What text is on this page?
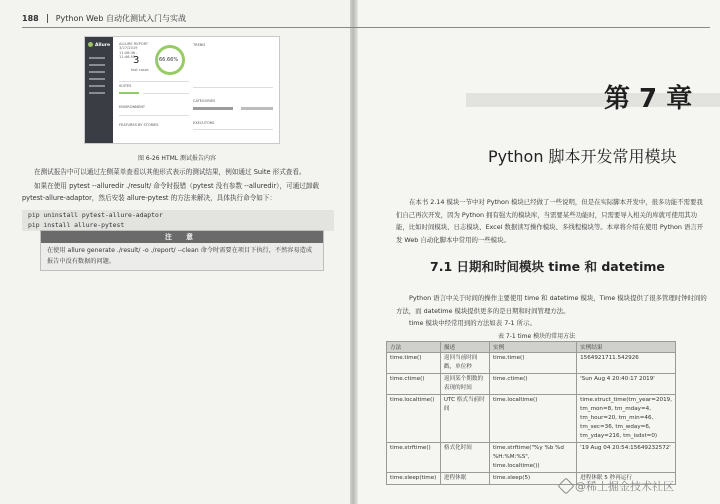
188 Python Web 自动化测试入门与实战
Allure ALLURE REPORT 3/27/2019 11:46:46 - 11:46:50
3
test cases
66.66%
TREND
SUITES
ENVIRONMENT
FEATURES BY STORIES
CATEGORIES
EXECUTORS
图 6-26 HTML 测试报告内容
在测试报告中可以通过左侧菜单查看以其他形式表示的测试结果，例如通过 Suite 形式查看。
如果在使用 pytest --alluredir ./result/ 命令时报错（pytest 没有参数 --alluredir），可通过卸载 pytest-allure-adaptor，然后安装 allure-pytest 的方法来解决，具体执行命令如下：
pip uninstall pytest-allure-adaptor
pip install allure-pytest
注 意
在使用 allure generate ./result/ -o ./report/ --clean 命令时需要在项目下执行，不然容易造成报告中没有数据的问题。
第 7 章
Python 脚本开发常用模块
在本书 2.14 模块一节中对 Python 模块已经做了一些说明，但是在实际脚本开发中，很多功能不需要我们自己再次开发，因为 Python 拥有强大的模块库，当需要某些功能时，只需要导入相关的库就可使用其功能，比如时间模块、日志模块、Excel 数据读写操作模块、多线程模块等。本章将介绍在使用 Python 语言开发 Web 自动化脚本中常用的一些模块。
7.1 日期和时间模块 time 和 datetime
Python 语言中关于时间的操作主要使用 time 和 datetime 模块，Time 模块提供了很多管理时钟时间的方法，而 datetime 模块提供更多的是日期和时间管理方法。
time 模块中经常用到的方法如表 7-1 所示。
表 7-1 time 模块的常用方法
方法	描述	实例	实例结果
time.time()	返回当前时间戳，单位秒	time.time()	1564921711.542926
time.ctime()	返回某个期数的表现的时间	time.ctime()	'Sun Aug 4 20:40:17 2019'
time.localtime()	UTC 格式当前时间	time.localtime()	time.struct_time(tm_year=2019, tm_mon=8, tm_mday=4, tm_hour=20, tm_min=46, tm_sec=36, tm_wday=6, tm_yday=216, tm_isdst=0)
time.strftime()	格式化时间	time.strftime("%y %b %d %H:%M:%S", time.localtime())	'19 Aug 04 20:54:15649232572'
time.sleep(time)	进程休眠	time.sleep(5)	进程休眠 5 秒再运行
@稀土掘金技术社区
